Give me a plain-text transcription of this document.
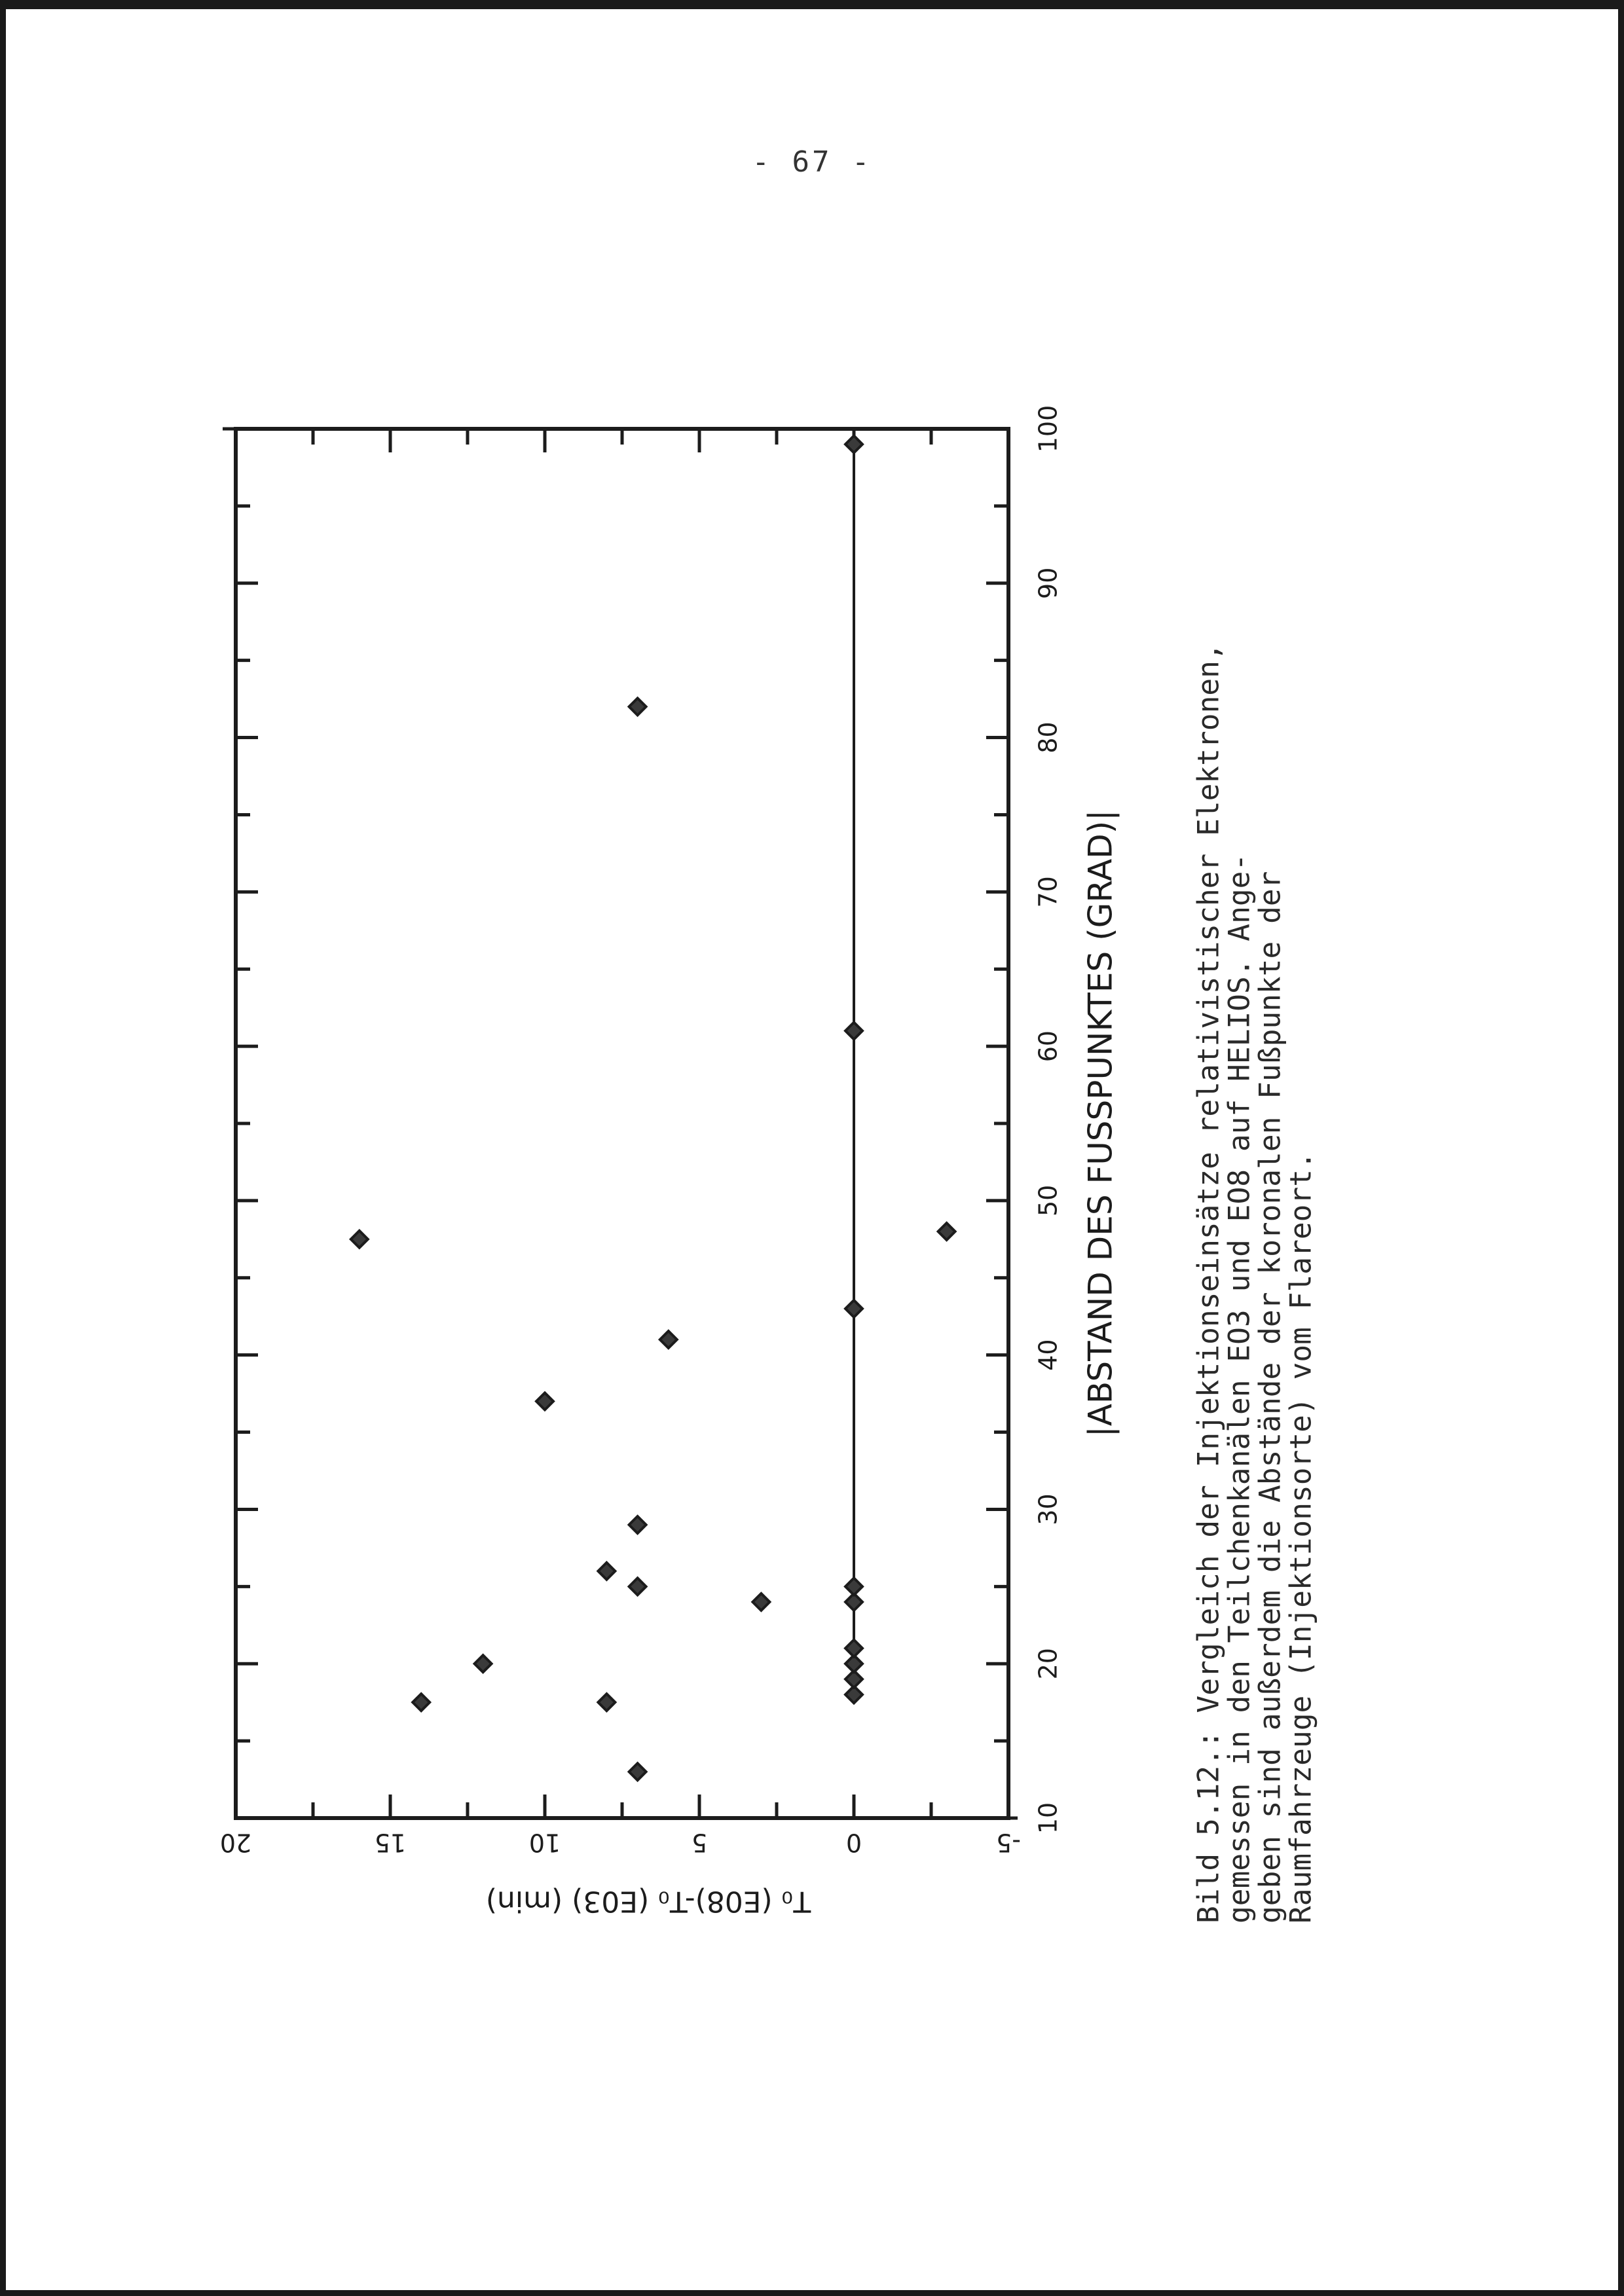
- 67 -
10
20
30
40
50
60
70
80
90
100
-5
0
5
10
15
20
|ABSTAND DES FUSSPUNKTES (GRAD)|
T₀ (E08)-T₀ (E03) (min)	Bild 5.12.: Vergleich der Injektionseinsätze relativistischer Elektronen,
gemessen in den Teilchenkanälen EO3 und EO8 auf HELIOS. Ange-
geben sind außerdem die Abstände der koronalen Fußpunkte der
Raumfahrzeuge (Injektionsorte) vom Flareort.
